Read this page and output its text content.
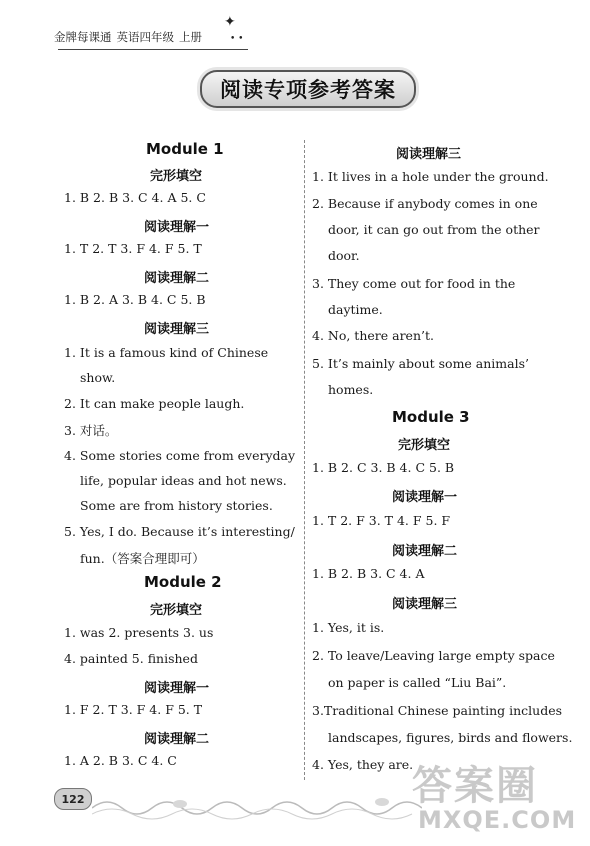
金牌每课通 英语四年级 上册
✦
• •
阅读专项参考答案
Module 1
完形填空
1. B 2. B 3. C 4. A 5. C
阅读理解一
1. T 2. T 3. F 4. F 5. T
阅读理解二
1. B 2. A 3. B 4. C 5. B
阅读理解三
1. It is a famous kind of Chinese
show.
2. It can make people laugh.
3. 对话。
4. Some stories come from everyday
life, popular ideas and hot news.
Some are from history stories.
5. Yes, I do. Because it’s interesting/
fun.（答案合理即可）
Module 2
完形填空
1. was 2. presents 3. us
4. painted 5. finished
阅读理解一
1. F 2. T 3. F 4. F 5. T
阅读理解二
1. A 2. B 3. C 4. C
阅读理解三
1. It lives in a hole under the ground.
2. Because if anybody comes in one
door, it can go out from the other
door.
3. They come out for food in the
daytime.
4. No, there aren’t.
5. It’s mainly about some animals’
homes.
Module 3
完形填空
1. B 2. C 3. B 4. C 5. B
阅读理解一
1. T 2. F 3. T 4. F 5. F
阅读理解二
1. B 2. B 3. C 4. A
阅读理解三
1. Yes, it is.
2. To leave/Leaving large empty space
on paper is called “Liu Bai”.
3.Traditional Chinese painting includes
landscapes, figures, birds and flowers.
4. Yes, they are.
122	答案圈
MXQE.COM
